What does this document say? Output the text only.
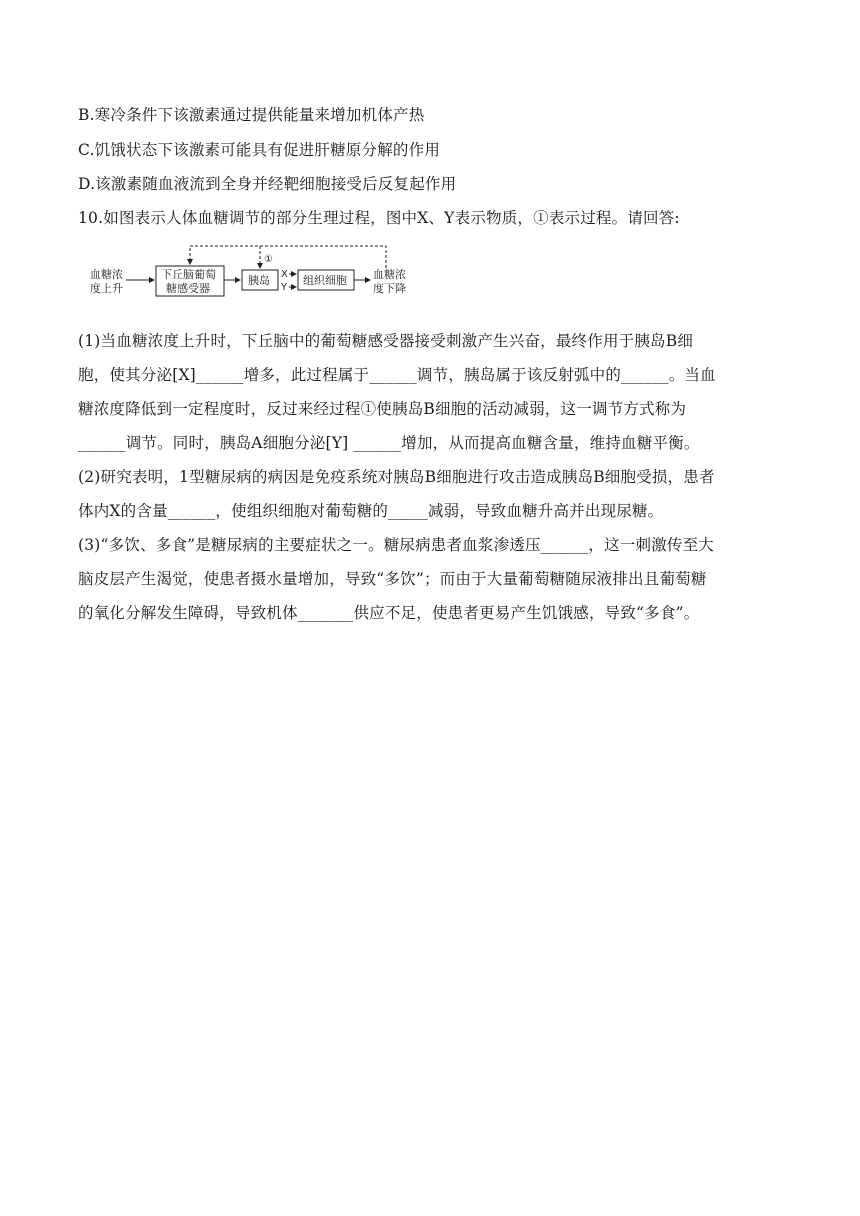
B.寒冷条件下该激素通过提供能量来增加机体产热
C.饥饿状态下该激素可能具有促进肝糖原分解的作用
D.该激素随血液流到全身并经靶细胞接受后反复起作用
10.如图表示人体血糖调节的部分生理过程，图中X、Y表示物质，①表示过程。请回答:
血糖浓
度上升
下丘脑葡萄
糖感受器
胰岛 X
Y
组织细胞 血糖浓
度下降
①
(1)当血糖浓度上升时，下丘脑中的葡萄糖感受器接受刺激产生兴奋，最终作用于胰岛B细
胞，使其分泌[X]______增多，此过程属于______调节，胰岛属于该反射弧中的______。当血
糖浓度降低到一定程度时，反过来经过程①使胰岛B细胞的活动减弱，这一调节方式称为
______调节。同时，胰岛A细胞分泌[Y] ______增加，从而提高血糖含量，维持血糖平衡。
(2)研究表明，1型糖尿病的病因是免疫系统对胰岛B细胞进行攻击造成胰岛B细胞受损，患者
体内X的含量______，使组织细胞对葡萄糖的_____减弱，导致血糖升高并出现尿糖。
(3)“多饮、多食”是糖尿病的主要症状之一。糖尿病患者血浆渗透压______，这一刺激传至大
脑皮层产生渴觉，使患者摄水量增加，导致“多饮”；而由于大量葡萄糖随尿液排出且葡萄糖
的氧化分解发生障碍，导致机体_______供应不足，使患者更易产生饥饿感，导致“多食”。
